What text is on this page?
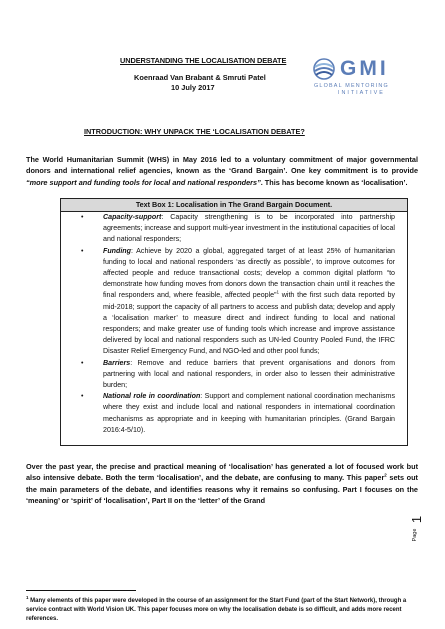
UNDERSTANDING THE LOCALISATION DEBATE
Koenraad Van Brabant & Smruti Patel
10 July 2017
GMI
GLOBAL MENTORING
INITIATIVE
INTRODUCTION: WHY UNPACK THE ‘LOCALISATION DEBATE?
The World Humanitarian Summit (WHS) in May 2016 led to a voluntary commitment of major governmental donors and international relief agencies, known as the ‘Grand Bargain’. One key commitment is to provide “more support and funding tools for local and national responders”. This has become known as ‘localisation’.
Text Box 1: Localisation in The Grand Bargain Document.
•	Capacity-support: Capacity strengthening is to be incorporated into partnership agreements; increase and support multi-year investment in the institutional capacities of local and national responders;
•	Funding: Achieve by 2020 a global, aggregated target of at least 25% of humanitarian funding to local and national responders ‘as directly as possible’, to improve outcomes for affected people and reduce transactional costs; develop a common digital platform “to demonstrate how funding moves from donors down the transaction chain until it reaches the final responders and, where feasible, affected people”$^1$ with the first such data reported by mid-2018; support the capacity of all partners to access and publish data; develop and apply a ‘localisation marker’ to measure direct and indirect funding to local and national responders; and make greater use of funding tools which increase and improve assistance delivered by local and national responders such as UN-led Country Pooled Fund, the IFRC Disaster Relief Emergency Fund, and NGO-led and other pool funds;
•	Barriers: Remove and reduce barriers that prevent organisations and donors from partnering with local and national responders, in order also to lessen their administrative burden;
•	National role in coordination: Support and complement national coordination mechanisms where they exist and include local and national responders in international coordination mechanisms as appropriate and in keeping with humanitarian principles. (Grand Bargain 2016:4-5/10).
Over the past year, the precise and practical meaning of ‘localisation’ has generated a lot of focused work but also intensive debate. Both the term ‘localisation’, and the debate, are confusing to many. This paper$^2$ sets out the main parameters of the debate, and identifies reasons why it remains so confusing. Part I focuses on the ‘meaning’ or ‘spirit’ of ‘localisation’, Part II on the ‘letter’ of the Grand
Page
1
$^1$ Many elements of this paper were developed in the course of an assignment for the Start Fund (part of the Start Network), through a service contract with World Vision UK. This paper focuses more on why the localisation debate is so difficult, and adds more recent references.
